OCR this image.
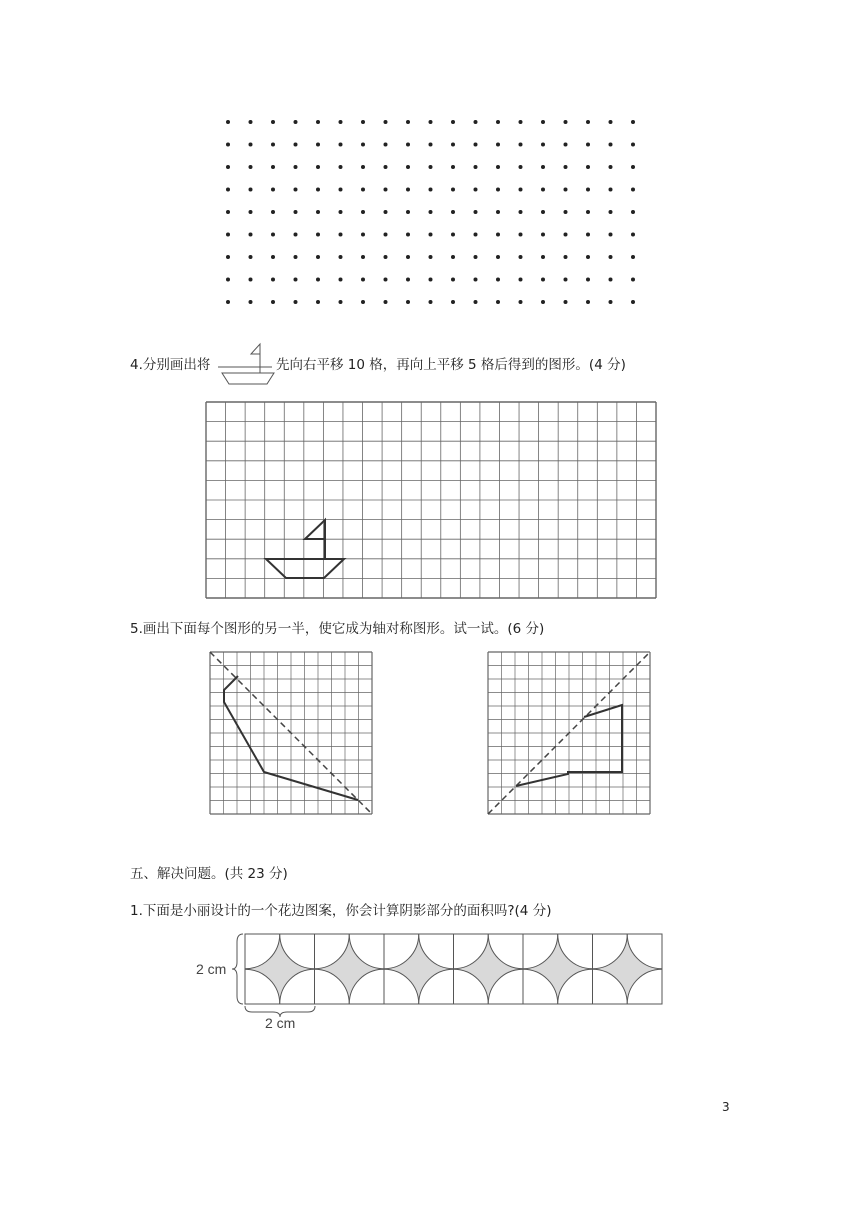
4.分别画出将	先向右平移 10 格，再向上平移 5 格后得到的图形。(4 分)
5.画出下面每个图形的另一半，使它成为轴对称图形。试一试。(6 分)
五、解决问题。(共 23 分)
1.下面是小丽设计的一个花边图案，你会计算阴影部分的面积吗?(4 分)
2 cm
2 cm
3
